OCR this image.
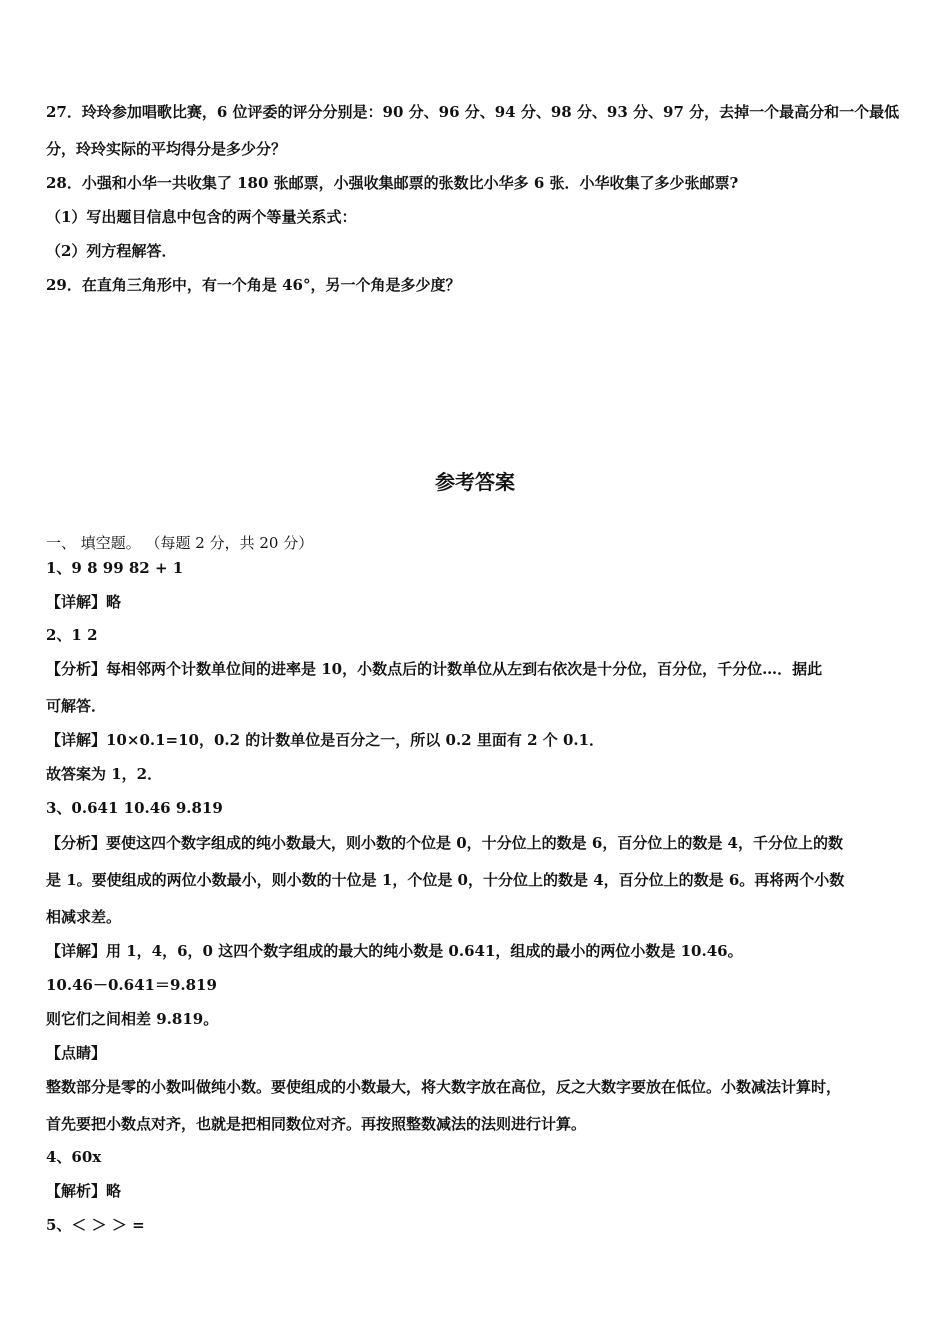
27．玲玲参加唱歌比赛，6 位评委的评分分别是：90 分、96 分、94 分、98 分、93 分、97 分，去掉一个最高分和一个最低
分，玲玲实际的平均得分是多少分？
28．小强和小华一共收集了 180 张邮票，小强收集邮票的张数比小华多 6 张．小华收集了多少张邮票?
（1）写出题目信息中包含的两个等量关系式：
（2）列方程解答．
29．在直角三角形中，有一个角是 46°，另一个角是多少度？
参考答案
一、 填空题。 （每题 2 分，共 20 分）
1、9 8 99 82 + 1
【详解】略
2、1 2
【分析】每相邻两个计数单位间的进率是 10，小数点后的计数单位从左到右依次是十分位，百分位，千分位…．据此
可解答．
【详解】10×0.1=10，0.2 的计数单位是百分之一，所以 0.2 里面有 2 个 0.1．
故答案为 1，2．
3、0.641 10.46 9.819
【分析】要使这四个数字组成的纯小数最大，则小数的个位是 0，十分位上的数是 6，百分位上的数是 4，千分位上的数
是 1。要使组成的两位小数最小，则小数的十位是 1，个位是 0，十分位上的数是 4，百分位上的数是 6。再将两个小数
相减求差。
【详解】用 1，4，6，0 这四个数字组成的最大的纯小数是 0.641，组成的最小的两位小数是 10.46。
10.46－0.641＝9.819
则它们之间相差 9.819。
【点睛】
整数部分是零的小数叫做纯小数。要使组成的小数最大，将大数字放在高位，反之大数字要放在低位。小数减法计算时，
首先要把小数点对齐，也就是把相同数位对齐。再按照整数减法的法则进行计算。
4、60x
【解析】略
5、＜ ＞ ＞ =
